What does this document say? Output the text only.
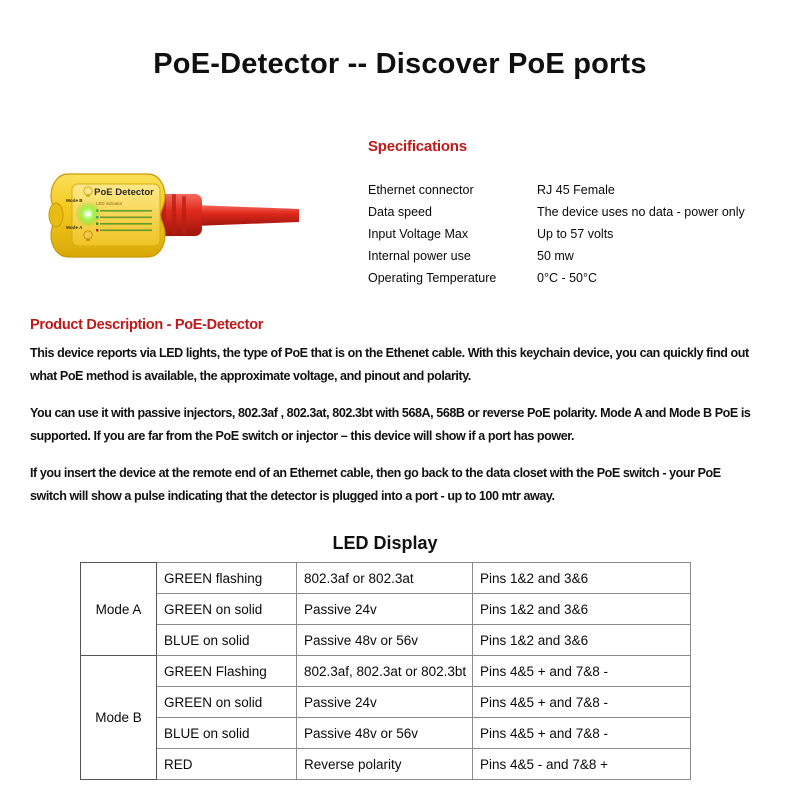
PoE-Detector -- Discover PoE ports
PoE Detector
LED indicator
Mode B
Mode A
Specifications
Ethernet connector	RJ 45 Female
Data speed	The device uses no data - power only
Input Voltage Max	Up to 57 volts
Internal power use	50 mw
Operating Temperature	0°C - 50°C
Product Description - PoE-Detector

This device reports via LED lights, the type of PoE that is on the Ethenet cable. With this keychain device, you can quickly find out what PoE method is available, the approximate voltage, and pinout and polarity.

You can use it with passive injectors, 802.3af , 802.3at, 802.3bt with 568A, 568B or reverse PoE polarity. Mode A and Mode B PoE is supported. If you are far from the PoE switch or injector – this device will show if a port has power.

If you insert the device at the remote end of an Ethernet cable, then go back to the data closet with the PoE switch - your PoE switch will show a pulse indicating that the detector is plugged into a port - up to 100 mtr away.

LED Display
Mode A	GREEN flashing	802.3af or 802.3at	Pins 1&2 and 3&6
	GREEN on solid	Passive 24v	Pins 1&2 and 3&6
	BLUE on solid	Passive 48v or 56v	Pins 1&2 and 3&6
Mode B	GREEN Flashing	802.3af, 802.3at or 802.3bt	Pins 4&5 + and 7&8 -
	GREEN on solid	Passive 24v	Pins 4&5 + and 7&8 -
	BLUE on solid	Passive 48v or 56v	Pins 4&5 + and 7&8 -
	RED	Reverse polarity	Pins 4&5 - and 7&8 +
